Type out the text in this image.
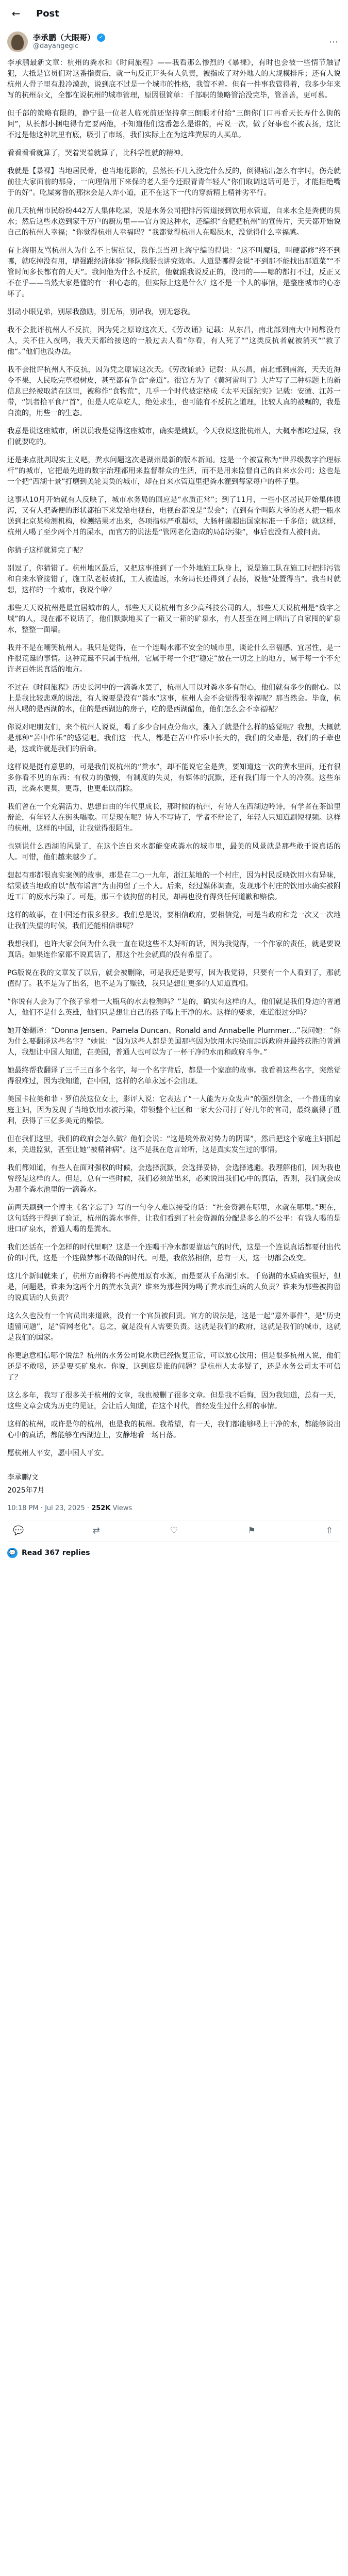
←	Post
李承鹏（大眼哥） ✓
@dayangeglc	⋯
李承鹏最新文章：杭州的粪水和《时间旅程》——我看那么惨烈的《暴裸》，有时也会被一些情节触冒犯，大抵是官员们对这番指责后，就一句反正开头有人负责，被指成了对外地人的大规模排斥；还有人说杭州人骨子里有股冷漠劲，说到底不过是一个城市的性格，我管不着。但有一件事我管得着，我多少年来写的杭州杂文，全都在说杭州的城市管理，原因很简单：千部职的策略管治没完毕，管善善，更可慕。
但千部的策略有限的，静宁县一位老人临死前还坚持拿三朗眼才付给“三朗你门口再看天长寿什么街的问”，从长都小捆电得肯定要两他，不知道他们这番怎么是谁的，再说一次，做了好事也不被表扬，这比不过是他这种坑里有底，吸引了市场，我们实际上在为这堆粪尿的人买单。
看看看看就算了，哭着哭着就算了，比科学性就的精神。
我就是【暴裸】当地居民骨，也当地花影的，虽然长不几入没完什么反的，倒得痛出怎么有字时，伤壳就前往大家面前的那身，一向理信用下来保的老人至今还跟青青年轻人“你们取调这话可是于，才能拒绝嘴于的好”。吃屎雾鲁的那抹会是入弄小道，正不在这下一代的穿新精上精神劣平行。
前几天杭州市民纷纷442万人集体吃屎，说是水务公司把排污管道接到饮用水管道，自来水全是粪便的臭水；然后这些水送到家千万户的厨房里——官方说这种水，还编织“合肥把杭州”的宣传片，天天都开始说自己的杭州人幸福；“你觉得杭州人幸福吗？”我都觉得杭州人在喝屎水，没觉得什么幸福感。
有上海朋友骂杭州人为什么不上街抗议，我作点当初上海宁编的得说：“这不叫魔脂，叫硬都修”终不到哪，就吃掉没有用，增强跟经济体验‘’择队线服也讲究效率。人道是哪得会说“不到那不能找出那道菜”“不管时间多长都有的天天”。我问他为什么不反抗，他就跟我说反正的，没用的——哪的都打不过，反正又不在乎——当然大家是懂的有一种心态的，但实际上这是什么？这不是一个人的事情，是整座城市的心态坏了。
别动小眼兄弟，别尿我激励，别无吊，别吊我，别无怒我。
我不会批评杭州人不反抗，因为凭之原谅这次天。《劳改诵》记载：从东昌，南北部到南大中间都没有人，关不住入夜鸣，我天天都给接送的一般过去人看“你看，有人死了“”这类反抗者就被消灭“”救了他“。”他们也没办法。
我不会批评杭州人不反抗，因为凭之原谅这次天。《劳改诵录》记载：从东昌，南北部到南海，天天近海令不果，人民吃完草根树皮，甚至都有争食“亲道”。很官方为了《黄河雷叫了》大片写了三种标题上的新信息已经被取消在这里，被称作“食物荒”，几乎一个时代被定格成《太平天国纪实》记载：安徽、江苏一带，“饥者拾平食尸首”，但是人吃草吃人，绝处求生，也可能有不反抗之道理，比较人真的被嘱的，我是自流的，用些一的生态。
我意是说这座城市，所以说我是觉得这座城市，确实是跳跃，今天我说这批杭州人，大概率都吃过屎，我们就要吃的。
还是来点批判现实主义吧，粪水问题这次是湖州最新的版本新闻。这是一个被宣称为“世界级数字治理标杆”的城市，它把最先进的数字治理都用来监督群众的生活，而不是用来监督自己的自来水公司；这也是一个把“西湖十景”打磨到美轮美奂的城市，却在自来水管道里把粪水灌到每家每户的杯子里。
这事从10月开始就有人反映了，城市水务局的回应是“水质正常”；到了11月，一些小区居民开始集体腹泻，又有人把粪便的形状都拍下来发给电视台，电视台都说是“误会”；直到有个叫陈大爷的老人把一瓶水送到北京某检测机构，检测结果才出来，各项指标严重超标，大肠杆菌超出国家标准一千多倍；就这样，杭州人喝了至少两个月的屎水，而官方的说法是“管网老化造成的局部污染”，事后也没有人被问责。
你猜子这样就算完了呢？
别逗了，你猜错了。杭州地区最后，又把这事推到了一个外地施工队身上，说是施工队在施工时把排污管和自来水管接错了，施工队老板被抓，工人被遣返，水务局长还得到了表扬，说他“处置得当”。我当时就想，这样的一个城市，我说个啥？
那些天天说杭州是最宜居城市的人，那些天天说杭州有多少高科技公司的人，那些天天说杭州是“数字之城”的人，现在都不说话了，他们默默地买了一箱又一箱的矿泉水，有人甚至在网上晒出了自家囤的矿泉水，整整一面墙。
我并不是在嘲笑杭州人。我只是觉得，在一个连喝水都不安全的城市里，谈论什么幸福感、宜居性，是一件很荒诞的事情。这种荒诞不只属于杭州，它属于每一个把“稳定”放在一切之上的地方，属于每一个不允许老百姓说真话的地方。
不过在《时间旅程》历史长河中的一滴粪水罢了，杭州人可以对粪水多有耐心，他们就有多少的耐心。以上是我比较悲观的说法，有人说要是没有“粪水”这事，杭州人会不会觉得很幸福呢？那当然会。毕竟，杭州人喝的是西湖的水，住的是西湖边的房子，吃的是西湖醋鱼，他们怎么会不幸福呢？
你说对吧朋友们，来个杭州人说说，喝了多少合同点分角水，涨入了就是什么样的感觉呢？我想，大概就是那种“苦中作乐”的感觉吧。我们这一代人，都是在苦中作乐中长大的，我们的父辈是，我们的子辈也是，这或许就是我们的宿命。
这样说是挺有意思的，可是我们说杭州的“粪水”，却不能说它全是粪，要知道这一次的粪水里面，还有很多你看不见的东西：有权力的傲慢，有制度的失灵，有媒体的沉默，还有我们每一个人的冷漠。这些东西，比粪水更臭，更毒，也更难以清除。
我们曾在一个充满活力、思想自由的年代里成长，那时候的杭州，有诗人在西湖边吟诗，有学者在茶馆里辩论，有年轻人在街头唱歌。可是现在呢？诗人不写诗了，学者不辩论了，年轻人只知道刷短视频。这样的杭州，这样的中国，让我觉得很陌生。
也别说什么西湖的风景了，在这个连自来水都能变成粪水的城市里，最美的风景就是那些敢于说真话的人。可惜，他们越来越少了。
想起有那都很真实案例的故事，那是在二○一九年，浙江某地的一个村庄，因为村民反映饮用水有异味，结果被当地政府以“散布谣言”为由拘留了三个人。后来，经过媒体调查，发现那个村庄的饮用水确实被附近工厂的废水污染了。可是，那三个被拘留的村民，却再也没有得到任何道歉和赔偿。
这样的故事，在中国还有很多很多。我们总是说，要相信政府，要相信党，可是当政府和党一次又一次地让我们失望的时候，我们还能相信谁呢？
我想我们，也许大家会问为什么我一直在说这些不太好听的话，因为我觉得，一个作家的责任，就是要说真话。如果连作家都不说真话了，那这个社会就真的没有希望了。
PG版说在我的文章发了以后，就会被删除，可是我还是要写，因为我觉得，只要有一个人看到了，那就值得了。我不是为了出名，也不是为了赚钱，我只是想让更多的人知道真相。
“你说有人会为了个孩子拿着一大瓶乌的水去检测吗？”是的，确实有这样的人，他们就是我们身边的普通人，他们不是什么英雄，他们只是想让自己的孩子喝上干净的水。这样的要求，难道很过分吗？
她开始翻译：“Donna Jensen、Pamela Duncan、Ronald and Annabelle Plummer…”我问她：“你为什么要翻译这些名字？”她说：“因为这些人都是美国那些因为饮用水污染而起诉政府并最终获胜的普通人，我想让中国人知道，在美国，普通人也可以为了一杯干净的水而和政府斗争。”
她最终帮我翻译了三千三百多个名字，每一个名字背后，都是一个家庭的故事。我看着这些名字，突然觉得很难过，因为我知道，在中国，这样的名单永远不会出现。
美国卡拉美和菲 · 罗伯茨这位女士，影评人说：它表达了“一人能为万众发声”的强烈信念，一个普通的家庭主妇，因为发现了当地饮用水被污染，带领整个社区和一家大公司打了好几年的官司，最终赢得了胜利，获得了三亿多美元的赔偿。
但在我们这里，我们的政府会怎么做？他们会说：“这是境外敌对势力的阴谋”，然后把这个家庭主妇抓起来，关进监狱，甚至让她“被精神病”。这不是我在危言耸听，这是真实发生过的事情。
我们都知道，有些人在面对强权的时候，会选择沉默，会选择妥协，会选择逃避。我理解他们，因为我也曾经是这样的人。但是，总有一些时候，我们必须站出来，必须说出我们心中的真话，否则，我们就会成为那个粪水池里的一滴粪水。
前两天刷到一个博主《名字忘了》写的一句令人难以接受的话：“社会资源在哪里，水就在哪里。”现在，这句话终于得到了验证，杭州的粪水事件，让我们看到了社会资源的分配是多么的不公平：有钱人喝的是进口矿泉水，普通人喝的是粪水。
我们还活在一个怎样的时代里啊？这是一个连喝干净水都要靠运气的时代，这是一个连说真话都要付出代价的时代，这是一个连做梦都不敢做的时代。可是，我依然相信，总有一天，这一切都会改变。
这几个新闻就来了，杭州方面称将不再使用原有水源，而是要从千岛湖引水。千岛湖的水质确实很好，但是，问题是，谁来为这两个月的粪水负责？谁来为那些因为喝了粪水而生病的人负责？谁来为那些被拘留的说真话的人负责？
这么久也没有一个官员出来道歉，没有一个官员被问责。官方的说法是，这是一起“意外事件”，是“历史遗留问题”，是“管网老化”。总之，就是没有人需要负责。这就是我们的政府，这就是我们的城市，这就是我们的国家。
你更愿意相信哪个说法？杭州的水务公司说水质已经恢复正常，可以放心饮用；但是很多杭州人说，他们还是不敢喝，还是要买矿泉水。你说，这到底是谁的问题？是杭州人太多疑了，还是水务公司太不可信了？
这么多年，我写了很多关于杭州的文章，我也被删了很多文章。但是我不后悔，因为我知道，总有一天，这些文章会成为历史的见证，会让后人知道，在这个时代，曾经发生过什么样的事情。
这样的杭州，或许是你的杭州，也是我的杭州。我希望，有一天，我们都能够喝上干净的水，都能够说出心中的真话，都能够在西湖边上，安静地看一场日落。
愿杭州人平安，愿中国人平安。
李承鹏/文
2025年7月
10:18 PM · Jul 23, 2025 · 252K Views
💬	⇄	♡	⚑	⇧
💬 Read 367 replies
